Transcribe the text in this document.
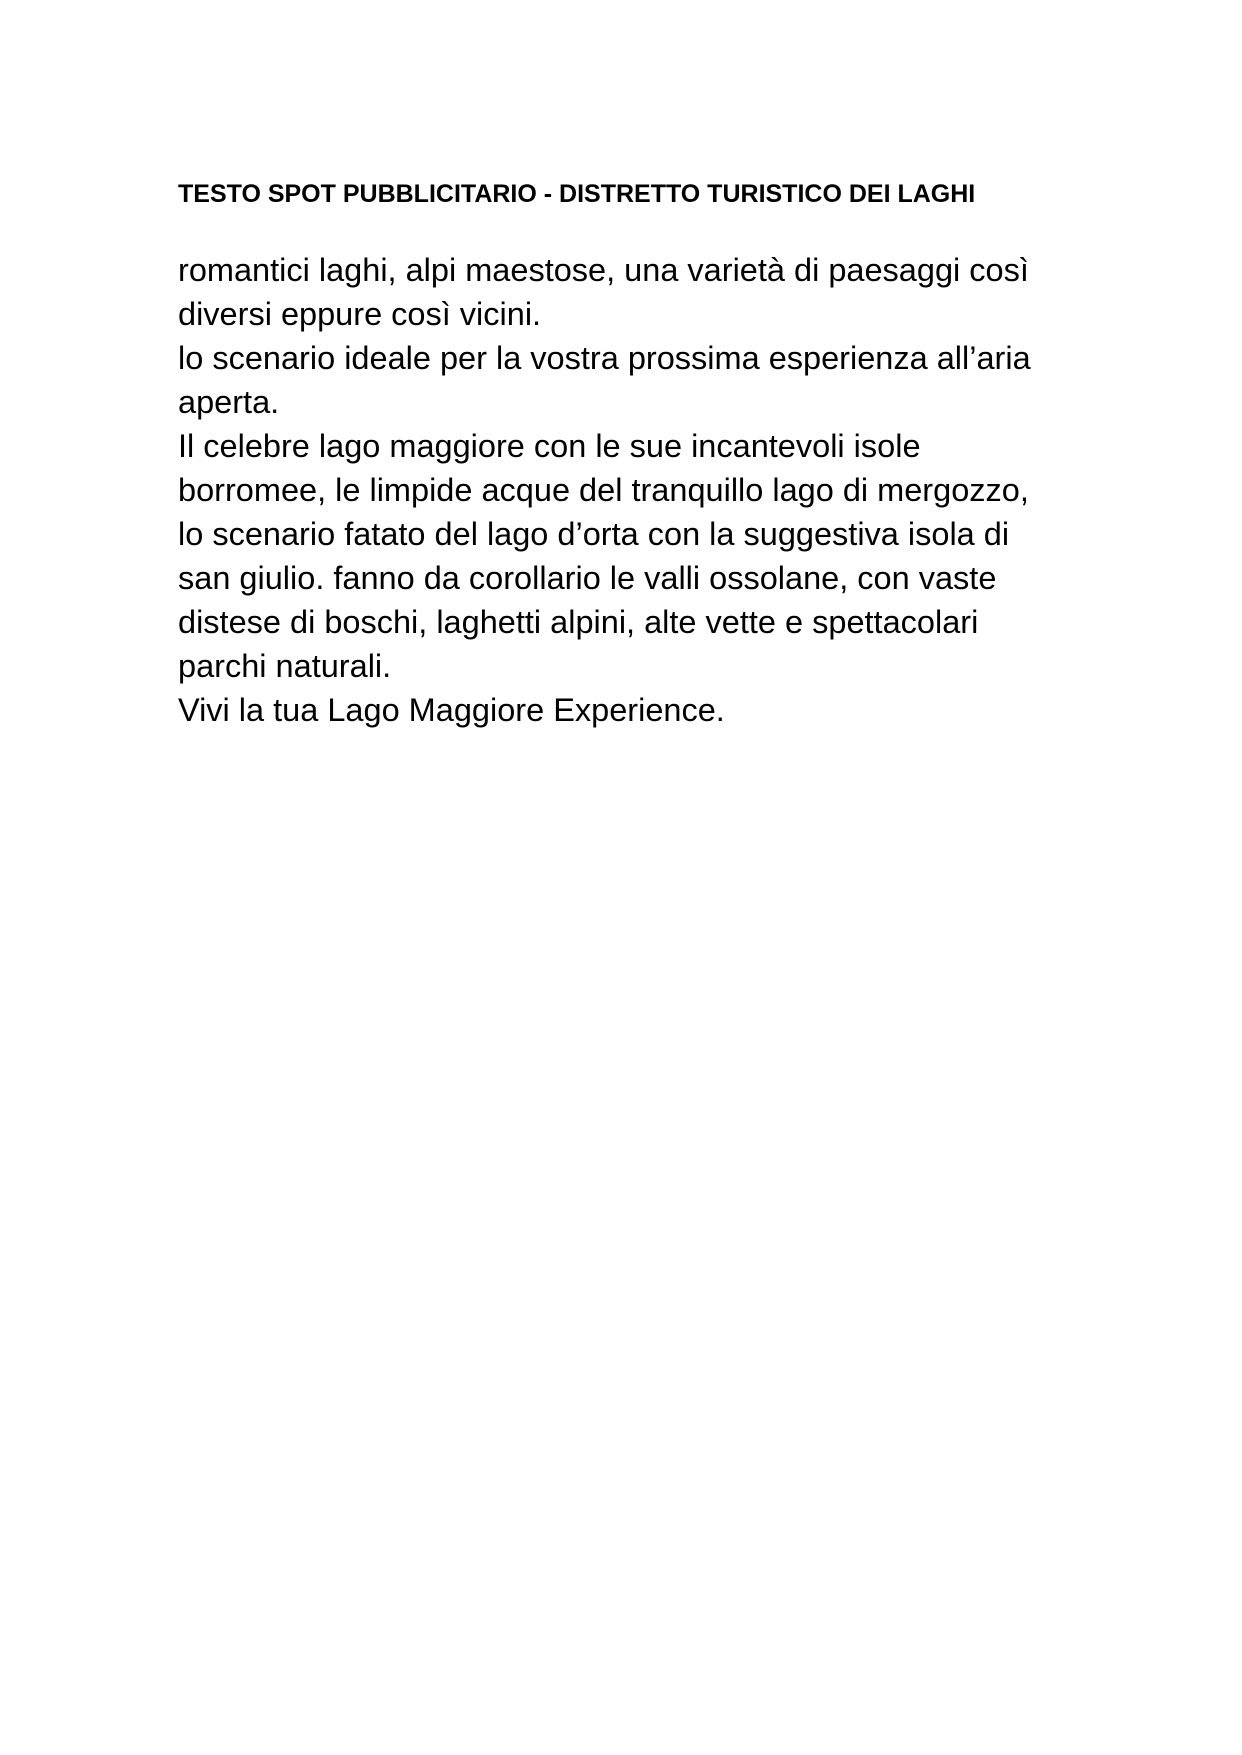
TESTO SPOT PUBBLICITARIO - DISTRETTO TURISTICO DEI LAGHI
romantici laghi, alpi maestose, una varietà di paesaggi così
diversi eppure così vicini.
lo scenario ideale per la vostra prossima esperienza all’aria
aperta.
Il celebre lago maggiore con le sue incantevoli isole
borromee, le limpide acque del tranquillo lago di mergozzo,
lo scenario fatato del lago d’orta con la suggestiva isola di
san giulio. fanno da corollario le valli ossolane, con vaste
distese di boschi, laghetti alpini, alte vette e spettacolari
parchi naturali.
Vivi la tua Lago Maggiore Experience.
